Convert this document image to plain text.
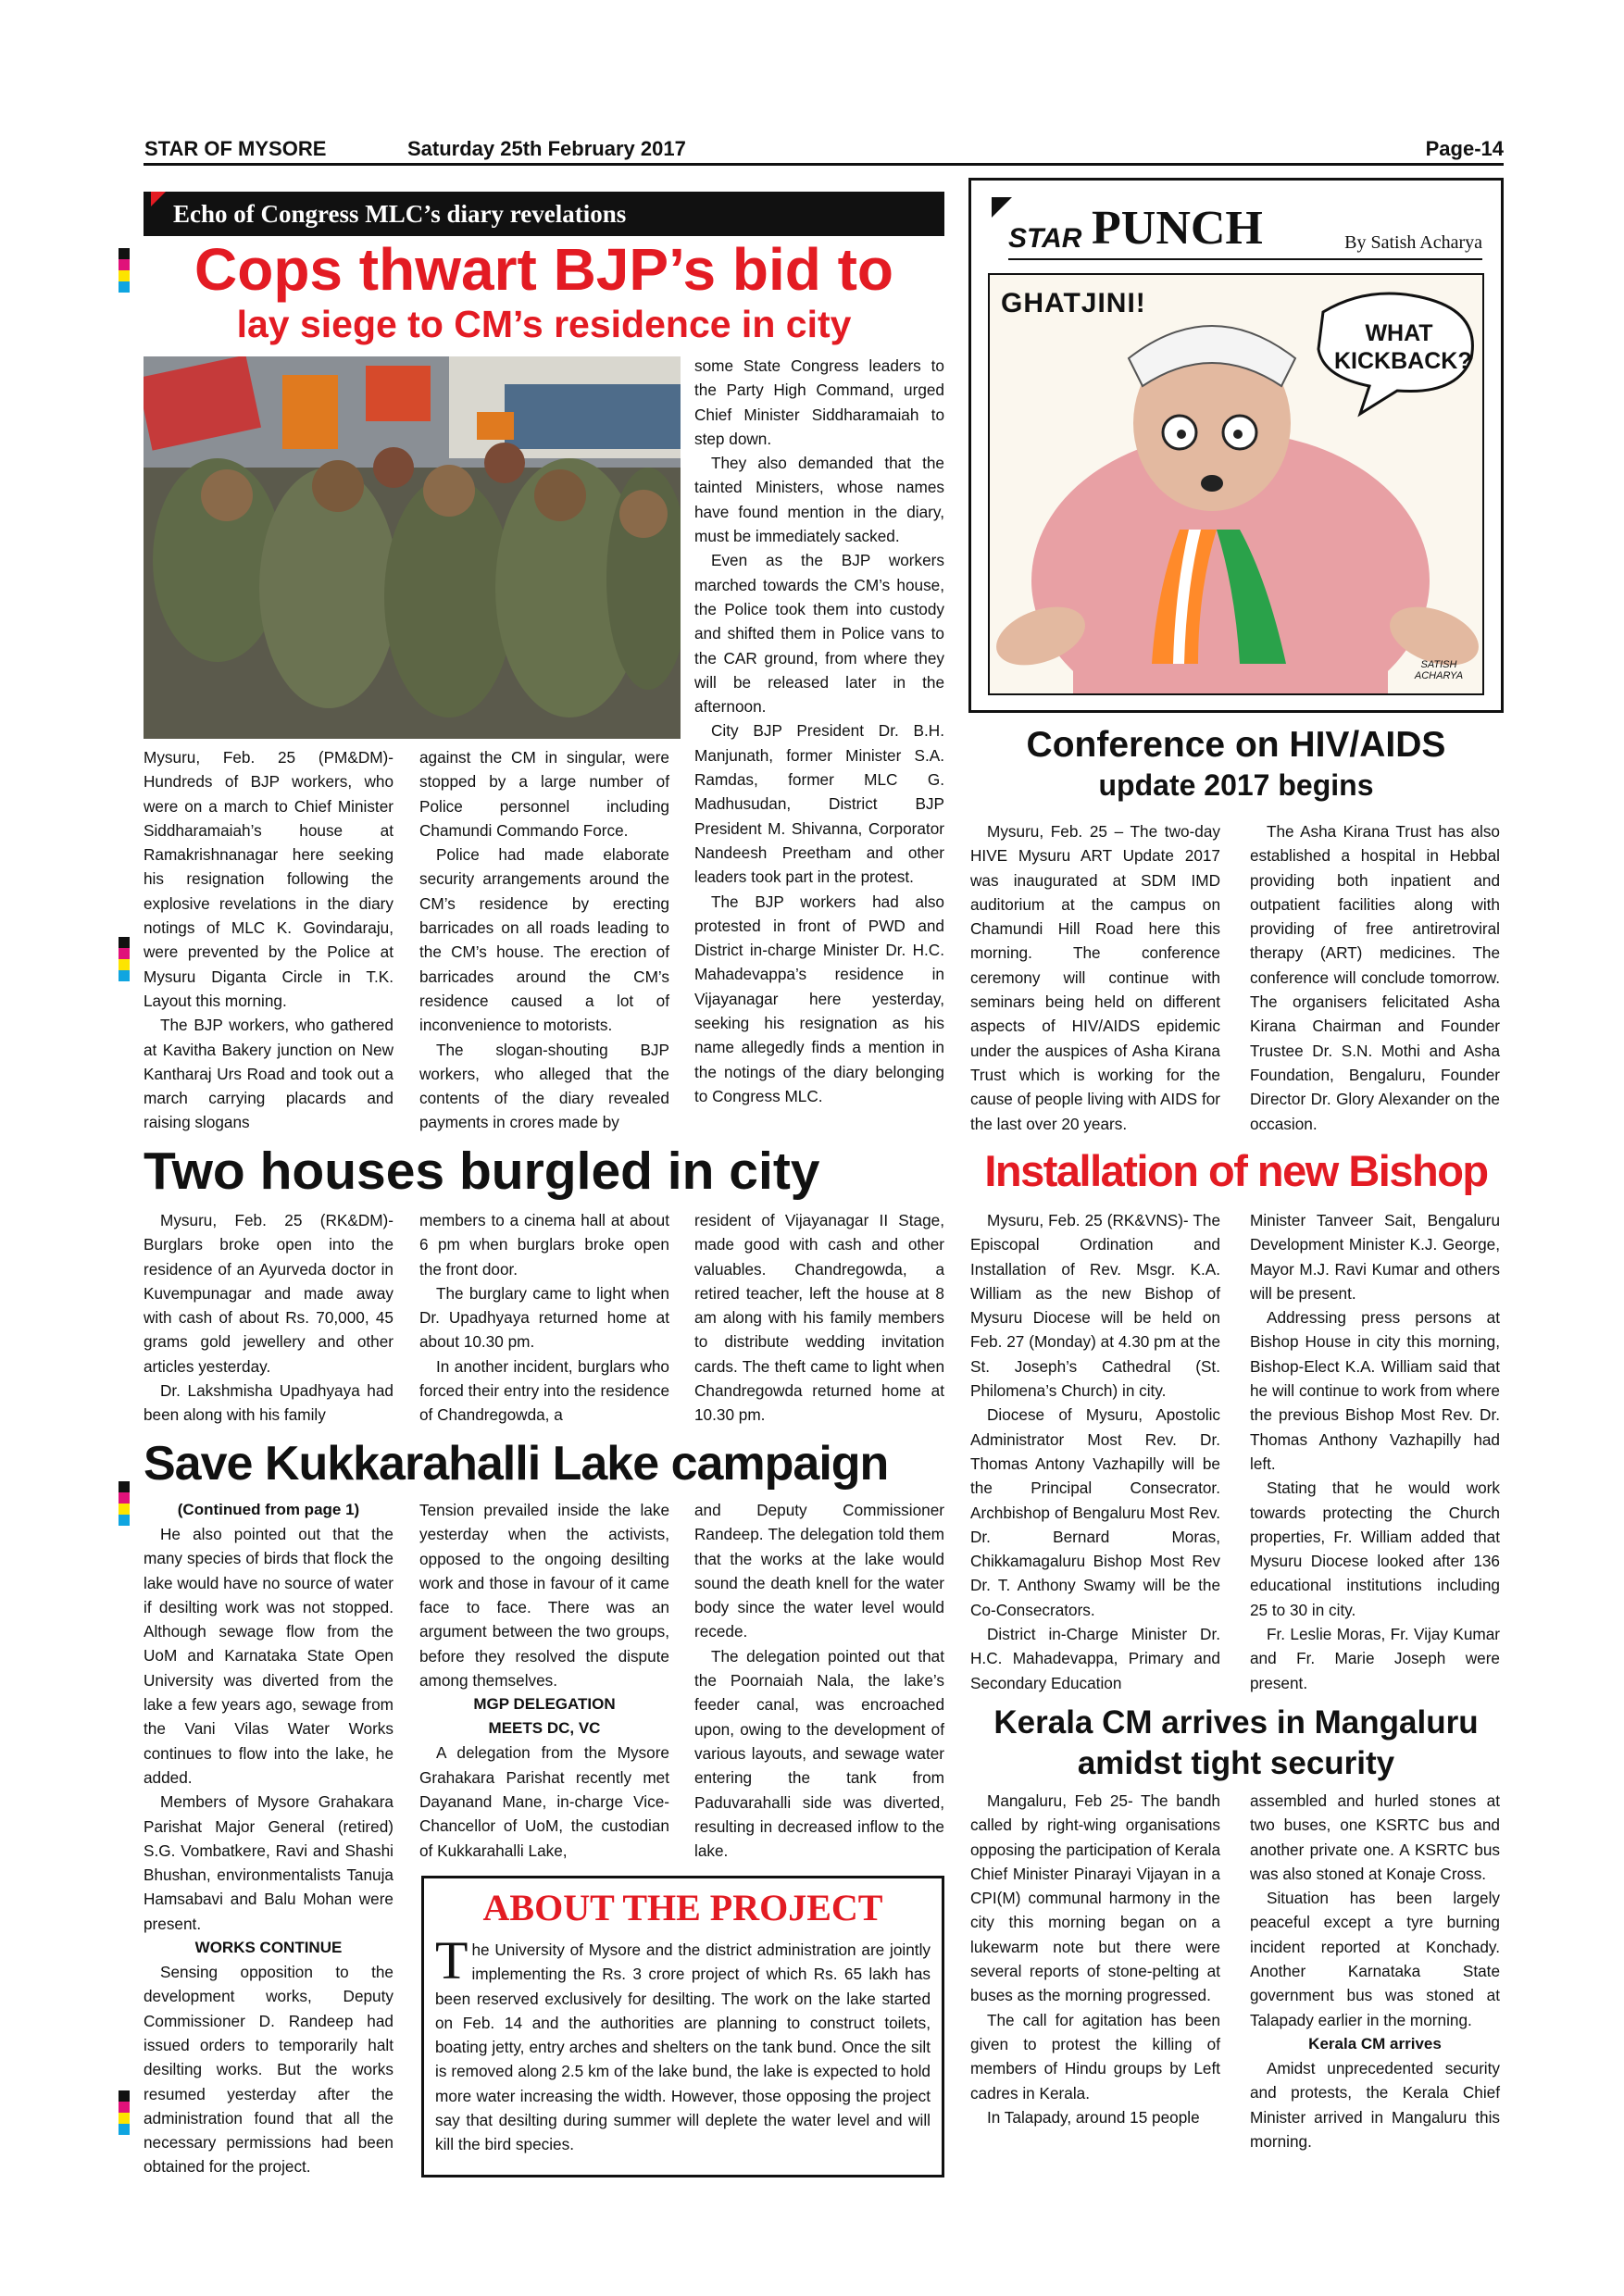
STAR OF MYSORE	Saturday 25th February 2017	Page-14
Echo of Congress MLC’s diary revelations
Cops thwart BJP’s bid to
lay siege to CM’s residence in city

Mysuru, Feb. 25 (PM&DM)- Hundreds of BJP workers, who were on a march to Chief Minister Siddharamaiah’s house at Ramakrishnanagar here seeking his resignation following the explosive revelations in the diary notings of MLC K. Govindaraju, were prevented by the Police at Mysuru Diganta Circle in T.K. Layout this morning.

The BJP workers, who gathered at Kavitha Bakery junction on New Kantharaj Urs Road and took out a march carrying placards and raising slogans

against the CM in singular, were stopped by a large number of Police personnel including Chamundi Commando Force.

Police had made elaborate security arrangements around the CM’s residence by erecting barricades on all roads leading to the CM’s house. The erection of barricades around the CM’s residence caused a lot of inconvenience to motorists.

The slogan-shouting BJP workers, who alleged that the contents of the diary revealed payments in crores made by

some State Congress leaders to the Party High Command, urged Chief Minister Siddharamaiah to step down.

They also demanded that the tainted Ministers, whose names have found mention in the diary, must be immediately sacked.

Even as the BJP workers marched towards the CM’s house, the Police took them into custody and shifted them in Police vans to the CAR ground, from where they will be released later in the afternoon.

City BJP President Dr. B.H. Manjunath, former Minister S.A. Ramdas, former MLC G. Madhusudan, District BJP President M. Shivanna, Corporator Nandeesh Preetham and other leaders took part in the protest.

The BJP workers had also protested in front of PWD and District in-charge Minister Dr. H.C. Mahadevappa’s residence in Vijayanagar here yesterday, seeking his resignation as his name allegedly finds a mention in the notings of the diary belonging to Congress MLC.

STAR PUNCH	By Satish Acharya
GHATJINI!
WHAT KICKBACK?
SATISH ACHARYA
Conference on HIV/AIDS
update 2017 begins

Mysuru, Feb. 25 – The two-day HIVE Mysuru ART Update 2017 was inaugurated at SDM IMD auditorium at the campus on Chamundi Hill Road here this morning. The conference ceremony will continue with seminars being held on different aspects of HIV/AIDS epidemic under the auspices of Asha Kirana Trust which is working for the cause of people living with AIDS for the last over 20 years.

The Asha Kirana Trust has also established a hospital in Hebbal providing both inpatient and outpatient facilities along with providing of free antiretroviral therapy (ART) medicines. The conference will conclude tomorrow. The organisers felicitated Asha Kirana Chairman and Founder Trustee Dr. S.N. Mothi and Asha Foundation, Bengaluru, Founder Director Dr. Glory Alexander on the occasion.

Two houses burgled in city

Mysuru, Feb. 25 (RK&DM)- Burglars broke open into the residence of an Ayurveda doctor in Kuvempunagar and made away with cash of about Rs. 70,000, 45 grams gold jewellery and other articles yesterday.

Dr. Lakshmisha Upadhyaya had been along with his family

members to a cinema hall at about 6 pm when burglars broke open the front door.

The burglary came to light when Dr. Upadhyaya returned home at about 10.30 pm.

In another incident, burglars who forced their entry into the residence of Chandregowda, a

resident of Vijayanagar II Stage, made good with cash and other valuables. Chandregowda, a retired teacher, left the house at 8 am along with his family members to distribute wedding invitation cards. The theft came to light when Chandregowda returned home at 10.30 pm.

Installation of new Bishop

Mysuru, Feb. 25 (RK&VNS)- The Episcopal Ordination and Installation of Rev. Msgr. K.A. William as the new Bishop of Mysuru Diocese will be held on Feb. 27 (Monday) at 4.30 pm at the St. Joseph’s Cathedral (St. Philomena’s Church) in city.

Diocese of Mysuru, Apostolic Administrator Most Rev. Dr. Thomas Antony Vazhapilly will be the Principal Consecrator. Archbishop of Bengaluru Most Rev. Dr. Bernard Moras, Chikkamagaluru Bishop Most Rev Dr. T. Anthony Swamy will be the Co-Consecrators.

District in-Charge Minister Dr. H.C. Mahadevappa, Primary and Secondary Education

Minister Tanveer Sait, Bengaluru Development Minister K.J. George, Mayor M.J. Ravi Kumar and others will be present.

Addressing press persons at Bishop House in city this morning, Bishop-Elect K.A. William said that he will continue to work from where the previous Bishop Most Rev. Dr. Thomas Anthony Vazhapilly had left.

Stating that he would work towards protecting the Church properties, Fr. William added that Mysuru Diocese looked after 136 educational institutions including 25 to 30 in city.

Fr. Leslie Moras, Fr. Vijay Kumar and Fr. Marie Joseph were present.

Save Kukkarahalli Lake campaign
(Continued from page 1)

He also pointed out that the many species of birds that flock the lake would have no source of water if desilting work was not stopped. Although sewage flow from the UoM and Karnataka State Open University was diverted from the lake a few years ago, sewage from the Vani Vilas Water Works continues to flow into the lake, he added.

Members of Mysore Grahakara Parishat Major General (retired) S.G. Vombatkere, Ravi and Shashi Bhushan, environmentalists Tanuja Hamsabavi and Balu Mohan were present.

WORKS CONTINUE

Sensing opposition to the development works, Deputy Commissioner D. Randeep had issued orders to temporarily halt desilting works. But the works resumed yesterday after the administration found that all the necessary permissions had been obtained for the project.

Tension prevailed inside the lake yesterday when the activists, opposed to the ongoing desilting work and those in favour of it came face to face. There was an argument between the two groups, before they resolved the dispute among themselves.

MGP DELEGATION
MEETS DC, VC

A delegation from the Mysore Grahakara Parishat recently met Dayanand Mane, in-charge Vice-Chancellor of UoM, the custodian of Kukkarahalli Lake,

and Deputy Commissioner Randeep. The delegation told them that the works at the lake would sound the death knell for the water body since the water level would recede.

The delegation pointed out that the Poornaiah Nala, the lake’s feeder canal, was encroached upon, owing to the development of various layouts, and sewage water entering the tank from Paduvarahalli side was diverted, resulting in decreased inflow to the lake.

ABOUT THE PROJECT
T he University of Mysore and the district administration are jointly implementing the Rs. 3 crore project of which Rs. 65 lakh has been reserved exclusively for desilting. The work on the lake started on Feb. 14 and the authorities are planning to construct toilets, boating jetty, entry arches and shelters on the tank bund. Once the silt is removed along 2.5 km of the lake bund, the lake is expected to hold more water increasing the width. However, those opposing the project say that desilting during summer will deplete the water level and will kill the bird species.
Kerala CM arrives in Mangaluru
amidst tight security

Mangaluru, Feb 25- The bandh called by right-wing organisations opposing the participation of Kerala Chief Minister Pinarayi Vijayan in a CPI(M) communal harmony in the city this morning began on a lukewarm note but there were several reports of stone-pelting at buses as the morning progressed.

The call for agitation has been given to protest the killing of members of Hindu groups by Left cadres in Kerala.

In Talapady, around 15 people

assembled and hurled stones at two buses, one KSRTC bus and another private one. A KSRTC bus was also stoned at Konaje Cross.

Situation has been largely peaceful except a tyre burning incident reported at Konchady. Another Karnataka State government bus was stoned at Talapady earlier in the morning.

Kerala CM arrives

Amidst unprecedented security and protests, the Kerala Chief Minister arrived in Mangaluru this morning.
